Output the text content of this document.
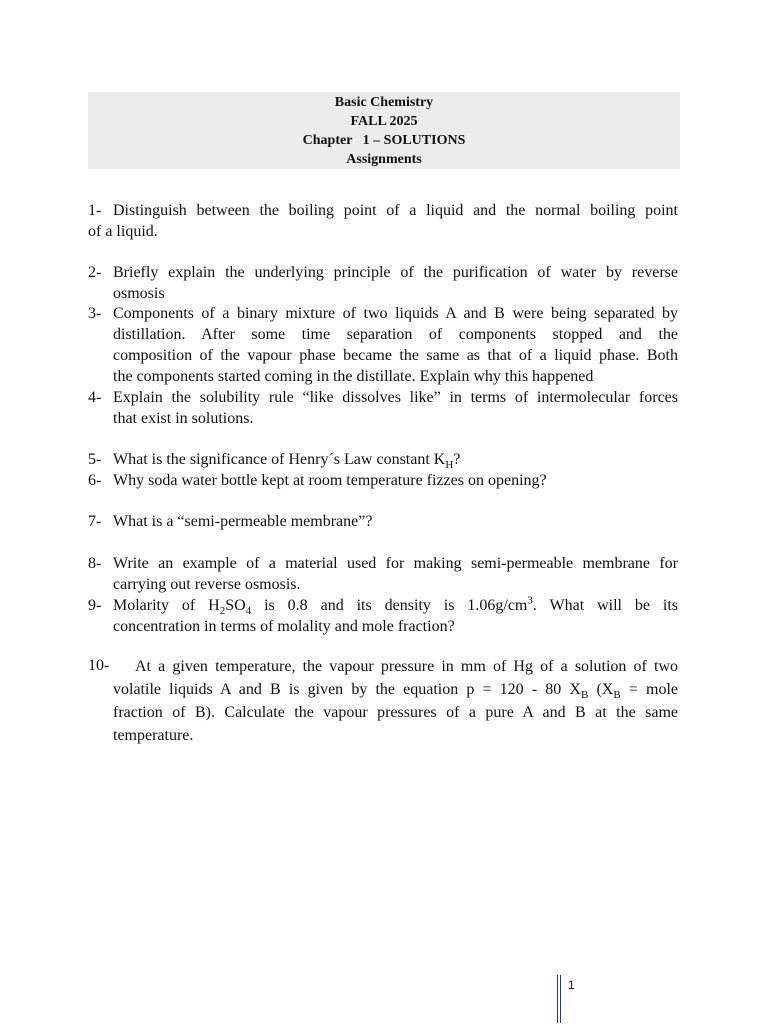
Basic Chemistry
FALL 2025
Chapter   1 – SOLUTIONS
Assignments
1- Distinguish between the boiling point of a liquid and the normal boiling point
of a liquid.
2- Briefly explain the underlying principle of the purification of water by reverse
osmosis
3- Components of a binary mixture of two liquids A and B were being separated by
distillation. After some time separation of components stopped and the
composition of the vapour phase became the same as that of a liquid phase. Both
the components started coming in the distillate. Explain why this happened
4- Explain the solubility rule “like dissolves like” in terms of intermolecular forces
that exist in solutions.
5- What is the significance of Henry´s Law constant $K_H$?
6- Why soda water bottle kept at room temperature fizzes on opening?
7- What is a “semi-permeable membrane”?
8- Write an example of a material used for making semi-permeable membrane for
carrying out reverse osmosis.
9- Molarity of $H_2SO_4$ is 0.8 and its density is $1.06g/cm^3$. What will be its
concentration in terms of molality and mole fraction?
10-	At a given temperature, the vapour pressure in mm of Hg of a solution of two
volatile liquids A and B is given by the equation p = 120 - 80 $X_B$ ($X_B$ = mole
fraction of B). Calculate the vapour pressures of a pure A and B at the same
temperature.
1
